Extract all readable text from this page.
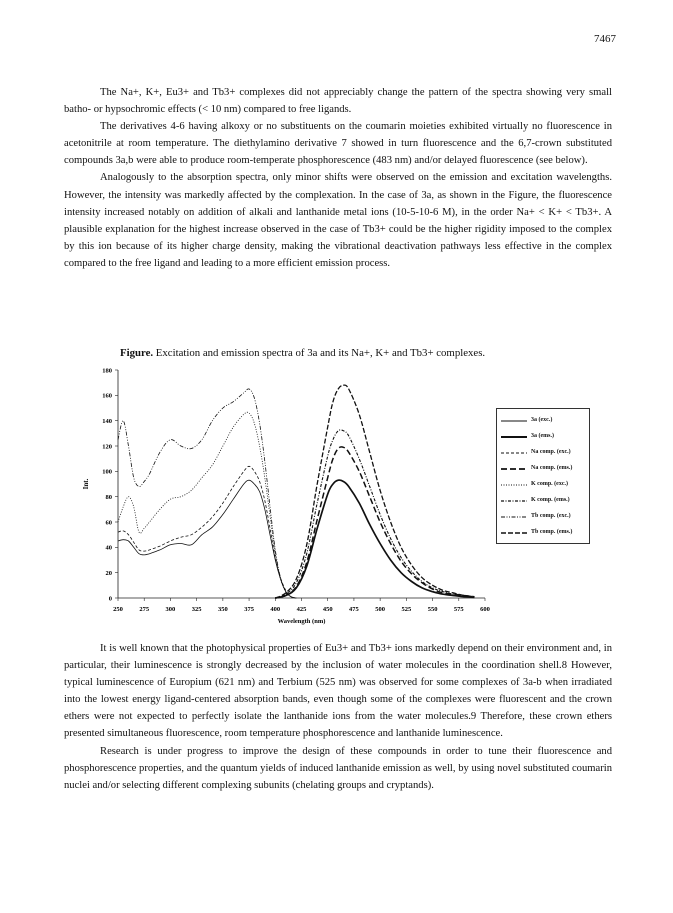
7467

The Na+, K+, Eu3+ and Tb3+ complexes did not appreciably change the pattern of the spectra showing very small batho- or hypsochromic effects (< 10 nm) compared to free ligands.

The derivatives 4-6 having alkoxy or no substituents on the coumarin moieties exhibited virtually no fluorescence in acetonitrile at room temperature. The diethylamino derivative 7 showed in turn fluorescence and the 6,7-crown substituted compounds 3a,b were able to produce room-temperate phosphorescence (483 nm) and/or delayed fluorescence (see below).

Analogously to the absorption spectra, only minor shifts were observed on the emission and excitation wavelengths. However, the intensity was markedly affected by the complexation. In the case of 3a, as shown in the Figure, the fluorescence intensity increased notably on addition of alkali and lanthanide metal ions (10-5-10-6 M), in the order Na+ < K+ < Tb3+. A plausible explanation for the highest increase observed in the case of Tb3+ could be the higher rigidity imposed to the complex by this ion because of its higher charge density, making the vibrational deactivation pathways less effective in the complex compared to the free ligand and leading to a more efficient emission process.

Figure. Excitation and emission spectra of 3a and its Na+, K+ and Tb3+ complexes.
250	275	300	325	350	375	400	425	450	475	500	525	550	575	600
0
20
40
60
80
100
120
140
160
180
Wavelength (nm)
Int.
3a (exc.)
3a (ems.)
Na comp. (exc.)
Na comp. (ems.)
K comp. (exc.)
K comp. (ems.)
Tb comp. (exc.)
Tb comp. (ems.)

It is well known that the photophysical properties of Eu3+ and Tb3+ ions markedly depend on their environment and, in particular, their luminescence is strongly decreased by the inclusion of water molecules in the coordination shell.8 However, typical luminescence of Europium (621 nm) and Terbium (525 nm) was observed for some complexes of 3a-b when irradiated into the lowest energy ligand-centered absorption bands, even though some of the complexes were fluorescent and the crown ethers were not expected to perfectly isolate the lanthanide ions from the water molecules.9 Therefore, these crown ethers presented simultaneous fluorescence, room temperature phosphorescence and lanthanide luminescence.

Research is under progress to improve the design of these compounds in order to tune their fluorescence and phosphorescence properties, and the quantum yields of induced lanthanide emission as well, by using novel substituted coumarin nuclei and/or selecting different complexing subunits (chelating groups and cryptands).
